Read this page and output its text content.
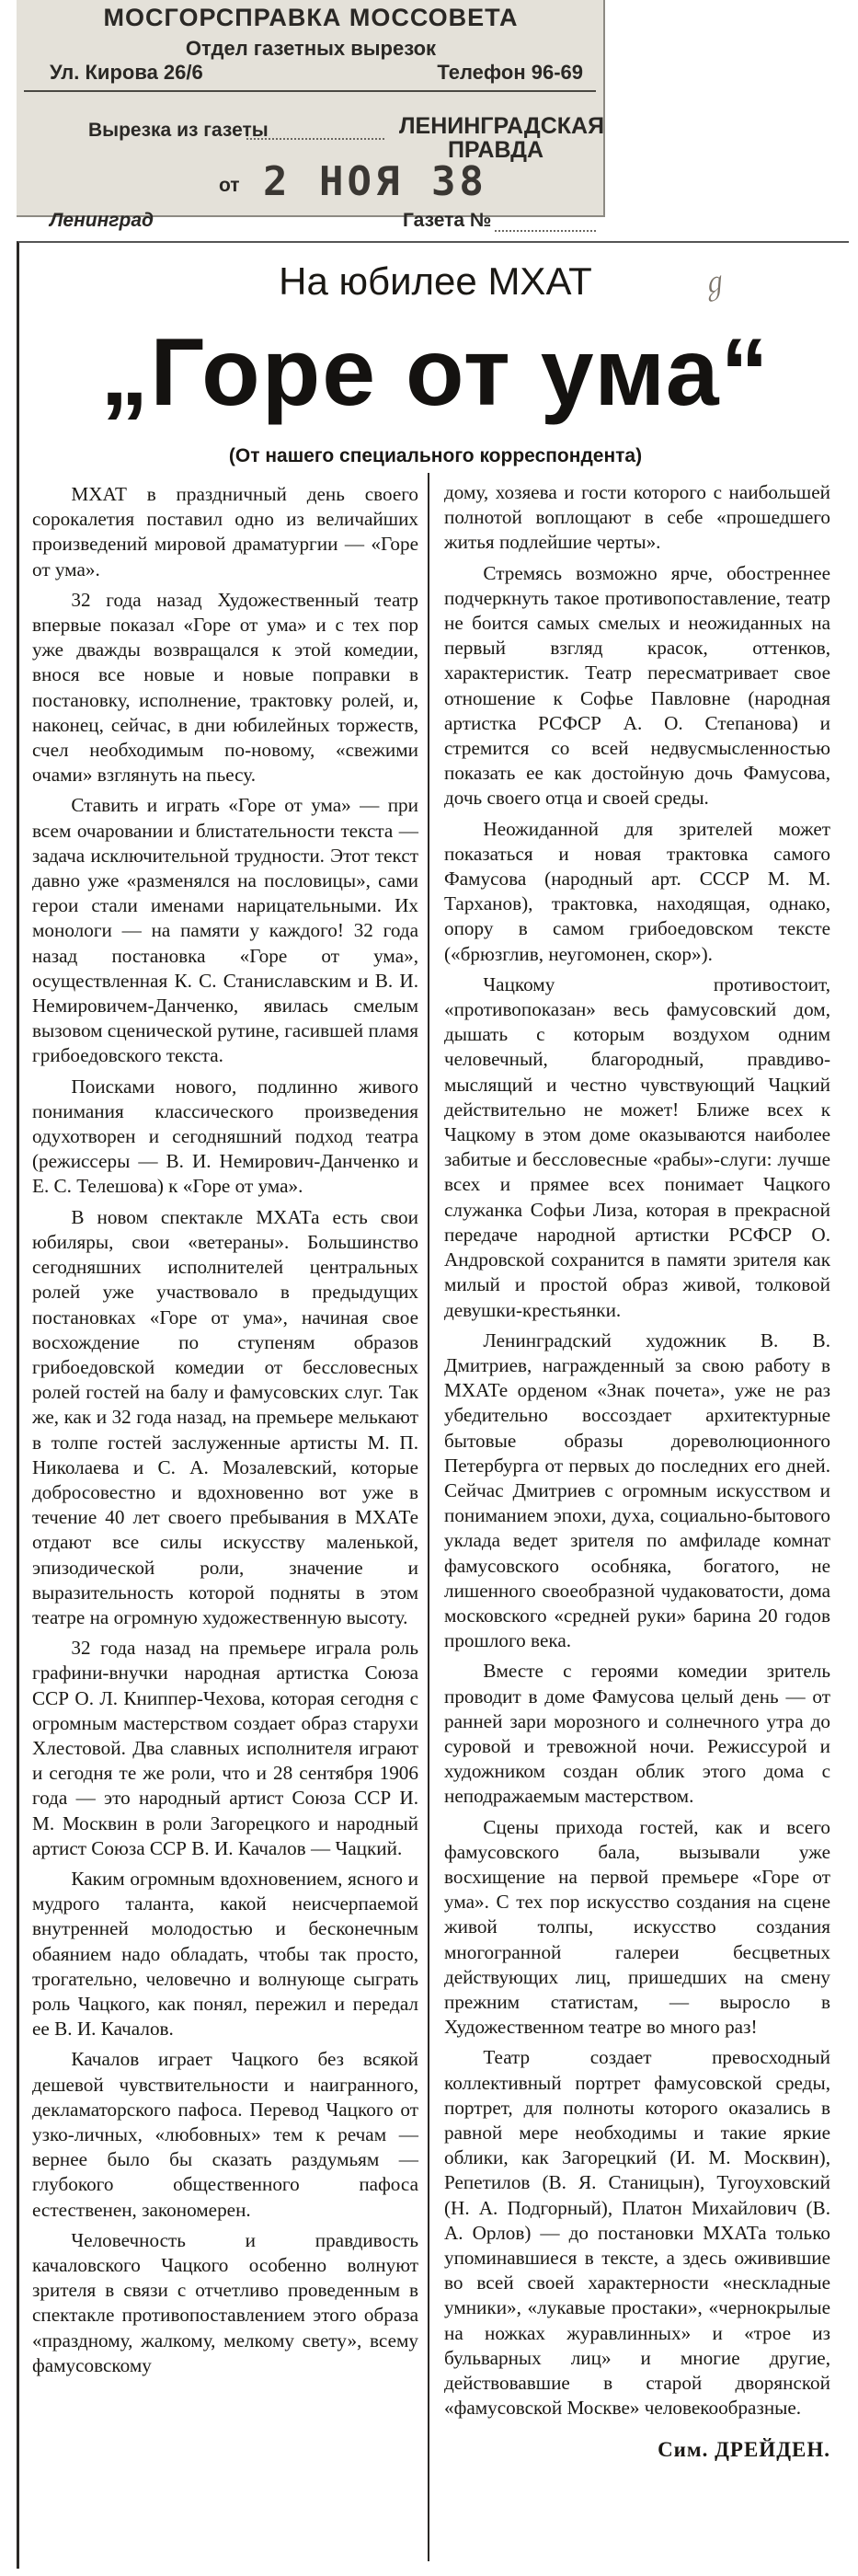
МОСГОРСПРАВКА МОССОВЕТА
Отдел газетных вырезок
Ул. Кирова 26/6	Телефон 96-69
Вырезка из газеты	ЛЕНИНГРАДСКАЯ ПРАВДА
от 2 НОЯ 38
Ленинград	Газета №
На юбилее МХАТ	ℊ
„Горе от ума“
(От нашего специального корреспондента)

МХАТ в праздничный день своего сорокалетия поставил одно из величайших произведений мировой драматургии — «Горе от ума».

32 года назад Художественный театр впервые показал «Горе от ума» и с тех пор уже дважды возвращался к этой комедии, внося все новые и новые поправки в постановку, исполнение, трактовку ролей, и, наконец, сейчас, в дни юбилейных торжеств, счел необходимым по-новому, «свежими очами» взглянуть на пьесу.

Ставить и играть «Горе от ума» — при всем очаровании и блистательности текста — задача исключительной трудности. Этот текст давно уже «разменялся на пословицы», сами герои стали именами нарицательными. Их монологи — на памяти у каждого! 32 года назад постановка «Горе от ума», осуществленная К. С. Станиславским и В. И. Немировичем-Данченко, явилась смелым вызовом сценической рутине, гасившей пламя грибоедовского текста.

Поисками нового, подлинно живого понимания классического произведения одухотворен и сегодняшний подход театра (режиссеры — В. И. Немирович-Данченко и Е. С. Телешова) к «Горе от ума».

В новом спектакле МХАТа есть свои юбиляры, свои «ветераны». Большинство сегодняшних исполнителей центральных ролей уже участвовало в предыдущих постановках «Горе от ума», начиная свое восхождение по ступеням образов грибоедовской комедии от бессловесных ролей гостей на балу и фамусовских слуг. Так же, как и 32 года назад, на премьере мелькают в толпе гостей заслуженные артисты М. П. Николаева и С. А. Мозалевский, которые добросовестно и вдохновенно вот уже в течение 40 лет своего пребывания в МХАТе отдают все силы искусству маленькой, эпизодической роли, значение и выразительность которой подняты в этом театре на огромную художественную высоту.

32 года назад на премьере играла роль графини-внучки народная артистка Союза ССР О. Л. Книппер-Чехова, которая сегодня с огромным мастерством создает образ старухи Хлестовой. Два славных исполнителя играют и сегодня те же роли, что и 28 сентября 1906 года — это народный артист Союза ССР И. М. Москвин в роли Загорецкого и народный артист Союза ССР В. И. Качалов — Чацкий.

Каким огромным вдохновением, ясного и мудрого таланта, какой неисчерпаемой внутренней молодостью и бесконечным обаянием надо обладать, чтобы так просто, трогательно, человечно и волнующе сыграть роль Чацкого, как понял, пережил и передал ее В. И. Качалов.

Качалов играет Чацкого без всякой дешевой чувствительности и наигранного, декламаторского пафоса. Перевод Чацкого от узко-личных, «любовных» тем к речам — вернее было бы сказать раздумьям — глубокого общественного пафоса естественен, закономерен.

Человечность и правдивость качаловского Чацкого особенно волнуют зрителя в связи с отчетливо проведенным в спектакле противопоставлением этого образа «праздному, жалкому, мелкому свету», всему фамусовскому

дому, хозяева и гости которого с наибольшей полнотой воплощают в себе «прошедшего житья подлейшие черты».

Стремясь возможно ярче, обостреннее подчеркнуть такое противопоставление, театр не боится самых смелых и неожиданных на первый взгляд красок, оттенков, характеристик. Театр пересматривает свое отношение к Софье Павловне (народная артистка РСФСР А. О. Степанова) и стремится со всей недвусмысленностью показать ее как достойную дочь Фамусова, дочь своего отца и своей среды.

Неожиданной для зрителей может показаться и новая трактовка самого Фамусова (народный арт. СССР М. М. Тарханов), трактовка, находящая, однако, опору в самом грибоедовском тексте («брюзглив, неугомонен, скор»).

Чацкому противостоит, «противопоказан» весь фамусовский дом, дышать с которым воздухом одним человечный, благородный, правдиво-мыслящий и честно чувствующий Чацкий действительно не может! Ближе всех к Чацкому в этом доме оказываются наиболее забитые и бессловесные «рабы»-слуги: лучше всех и прямее всех понимает Чацкого служанка Софьи Лиза, которая в прекрасной передаче народной артистки РСФСР О. Андровской сохранится в памяти зрителя как милый и простой образ живой, толковой девушки-крестьянки.

Ленинградский художник В. В. Дмитриев, награжденный за свою работу в МХАТе орденом «Знак почета», уже не раз убедительно воссоздает архитектурные бытовые образы дореволюционного Петербурга от первых до последних его дней. Сейчас Дмитриев с огромным искусством и пониманием эпохи, духа, социально-бытового уклада ведет зрителя по амфиладе комнат фамусовского особняка, богатого, не лишенного своеобразной чудаковатости, дома московского «средней руки» барина 20 годов прошлого века.

Вместе с героями комедии зритель проводит в доме Фамусова целый день — от ранней зари морозного и солнечного утра до суровой и тревожной ночи. Режиссурой и художником создан облик этого дома с неподражаемым мастерством.

Сцены прихода гостей, как и всего фамусовского бала, вызывали уже восхищение на первой премьере «Горе от ума». С тех пор искусство создания на сцене живой толпы, искусство создания многогранной галереи бесцветных действующих лиц, пришедших на смену прежним статистам, — выросло в Художественном театре во много раз!

Театр создает превосходный коллективный портрет фамусовской среды, портрет, для полноты которого оказались в равной мере необходимы и такие яркие облики, как Загорецкий (И. М. Москвин), Репетилов (В. Я. Станицын), Тугоуховский (Н. А. Подгорный), Платон Михайлович (В. А. Орлов) — до постановки МХАТа только упоминавшиеся в тексте, а здесь оживившие во всей своей характерности «нескладные умники», «лукавые простаки», «чернокрылые на ножках журавлинных» и «трое из бульварных лиц» и многие другие, действовавшие в старой дворянской «фамусовской Москве» человекообразные.

Сим. ДРЕЙДЕН.
